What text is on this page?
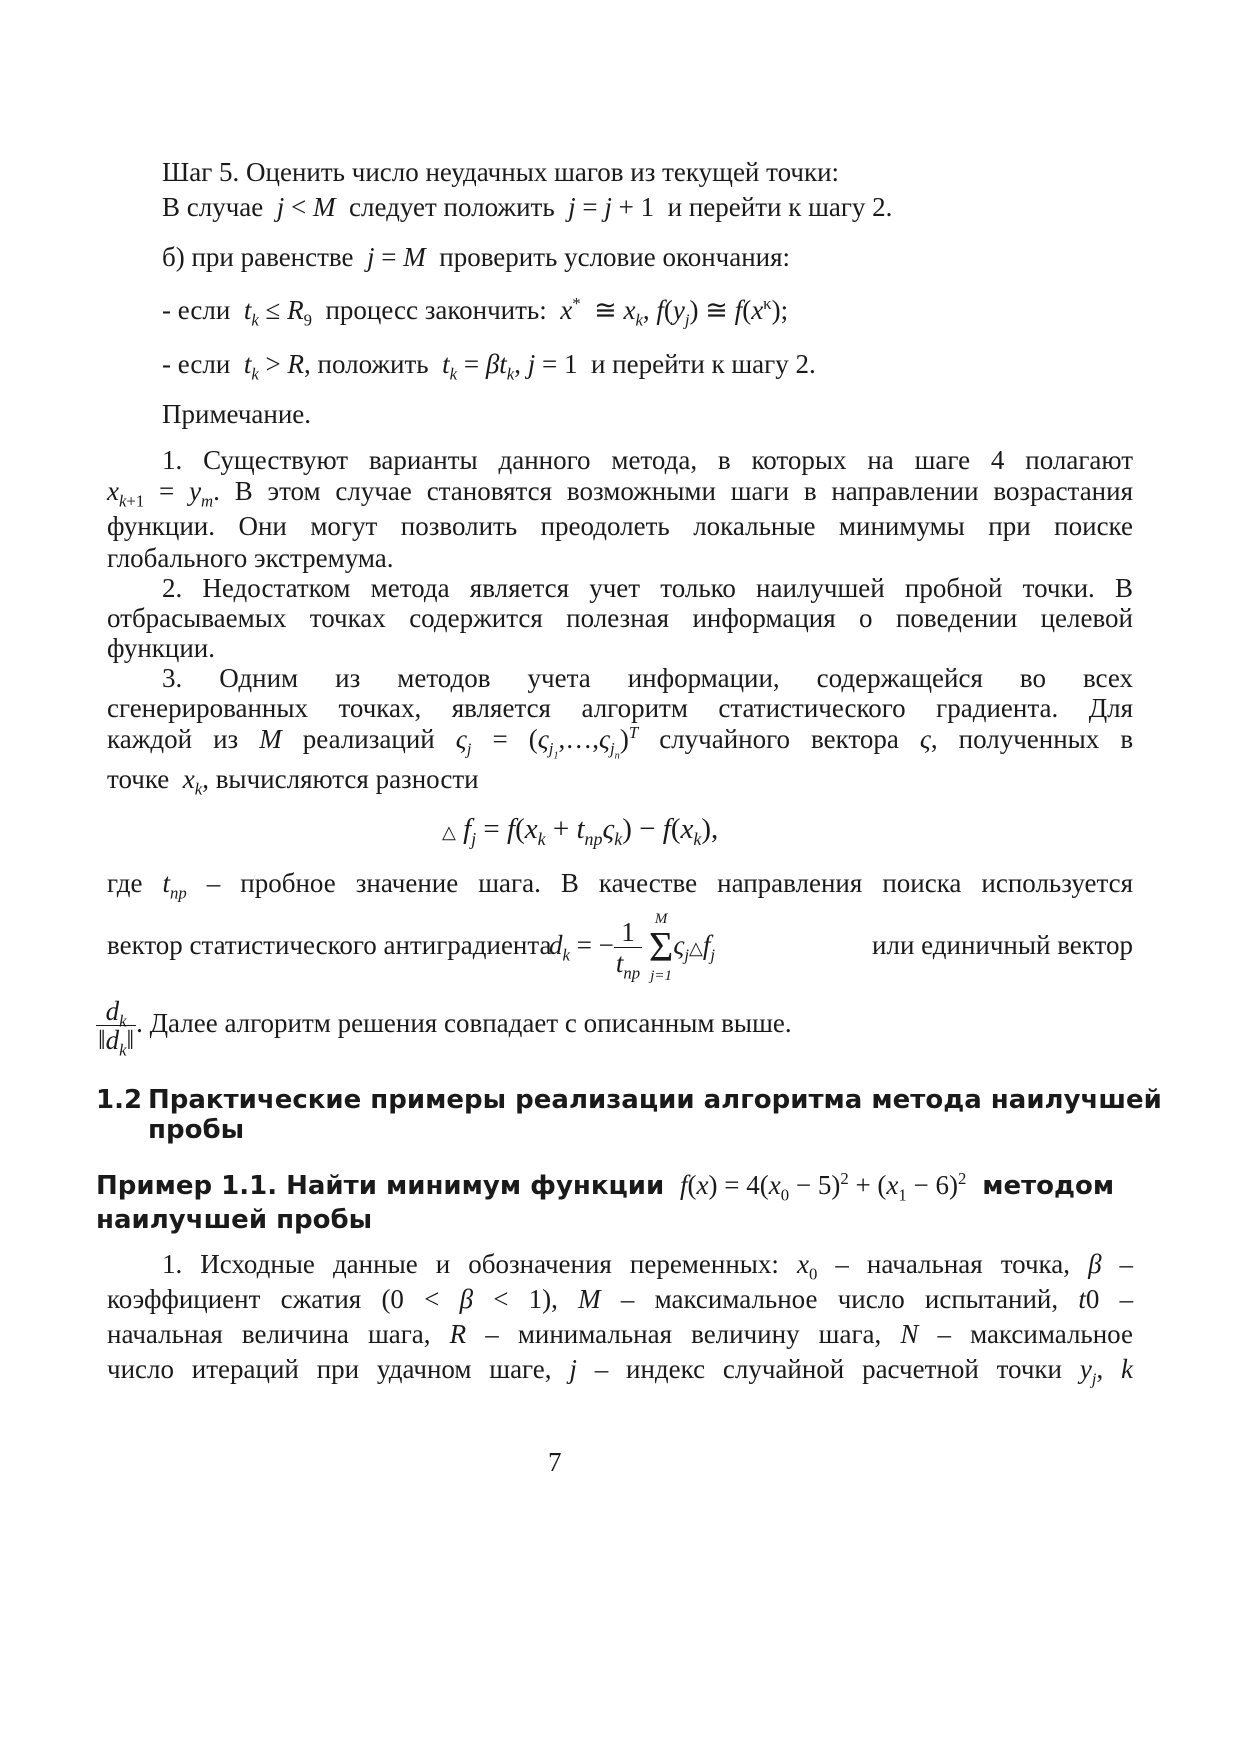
Шаг 5. Оценить число неудачных шагов из текущей точки:
В случае  j < M следует положить  j = j + 1  и перейти к шагу 2.
б) при равенстве  j = M проверить условие окончания:
- если  $t_k \le R_9$ процесс закончить:  x*  ≅ $x_k$, $f(y_j)$ ≅ $f(x^\kappa)$;
- если  $t_k > R$, положить  $t_k = \beta t_k$, j = 1  и перейти к шагу 2.
Примечание.
1. Существуют варианты данного метода, в которых на шаге 4 полагают
$x_{k+1} = y_m$. В этом случае становятся возможными шаги в направлении возрастания
функции. Они могут позволить преодолеть локальные минимумы при поиске
глобального экстремума.
2. Недостатком метода является учет только наилучшей пробной точки. В
отбрасываемых точках содержится полезная информация о поведении целевой
функции.
3. Одним из методов учета информации, содержащейся во всех
сгенерированных точках, является алгоритм статистического градиента. Для
каждой из M реализаций $\varsigma_j$ = $(\varsigma_{j_1},\dots,\varsigma_{j_n})^T$ случайного вектора ς, полученных в
точке  $x_k$, вычисляются разности
△ $f_j = f(x_k + t_{пр}\varsigma_k) - f(x_k)$,
где $t_{пр}$ – пробное значение шага. В качестве направления поиска используется
вектор статистического антиградиента
$d_k$ = − $\frac{1}{t_{пр}}$
M
Σ
j=1
$\varsigma_j\triangle f_j$	или единичный вектор
$\frac{d_k}{‖d_k‖}$ . Далее алгоритм решения совпадает с описанным выше.
1.2 Практические примеры реализации алгоритма метода наилучшей
пробы
Пример 1.1. Найти минимум функции $f(x) = 4(x_0 - 5)^2 + (x_1 - 6)^2$ методом
наилучшей пробы
1. Исходные данные и обозначения переменных: $x_0$ – начальная точка, β –
коэффициент сжатия (0 < β < 1), M – максимальное число испытаний, t0 –
начальная величина шага, R – минимальная величину шага, N – максимальное
число итераций при удачном шаге, j – индекс случайной расчетной точки $y_j$, k
7
